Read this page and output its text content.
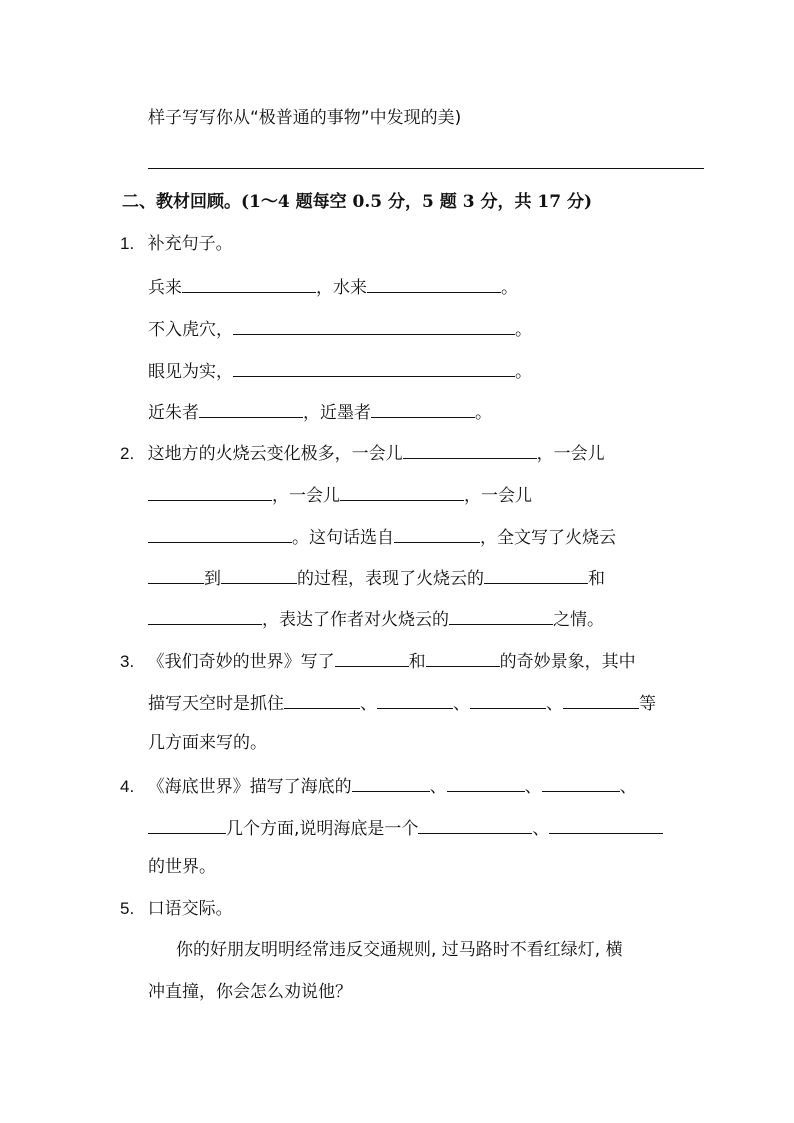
样子写写你从“极普通的事物”中发现的美)
二、教材回顾。(1～4 题每空 0.5 分，5 题 3 分，共 17 分)
1. 补充句子。
兵来	，水来	。
不入虎穴，	。
眼见为实，	。
近朱者	，近墨者	。
2. 这地方的火烧云变化极多，一会儿	，一会儿
，一会儿	，一会儿
。这句话选自	，全文写了火烧云
到	的过程，表现了火烧云的	和
，表达了作者对火烧云的	之情。
3. 《我们奇妙的世界》写了	和	的奇妙景象，其中
描写天空时是抓住	、	、	、	等
几方面来写的。
4. 《海底世界》描写了海底的	、	、	、
几个方面,说明海底是一个	、
的世界。
5. 口语交际。
你的好朋友明明经常违反交通规则, 过马路时不看红绿灯, 横
冲直撞，你会怎么劝说他？
